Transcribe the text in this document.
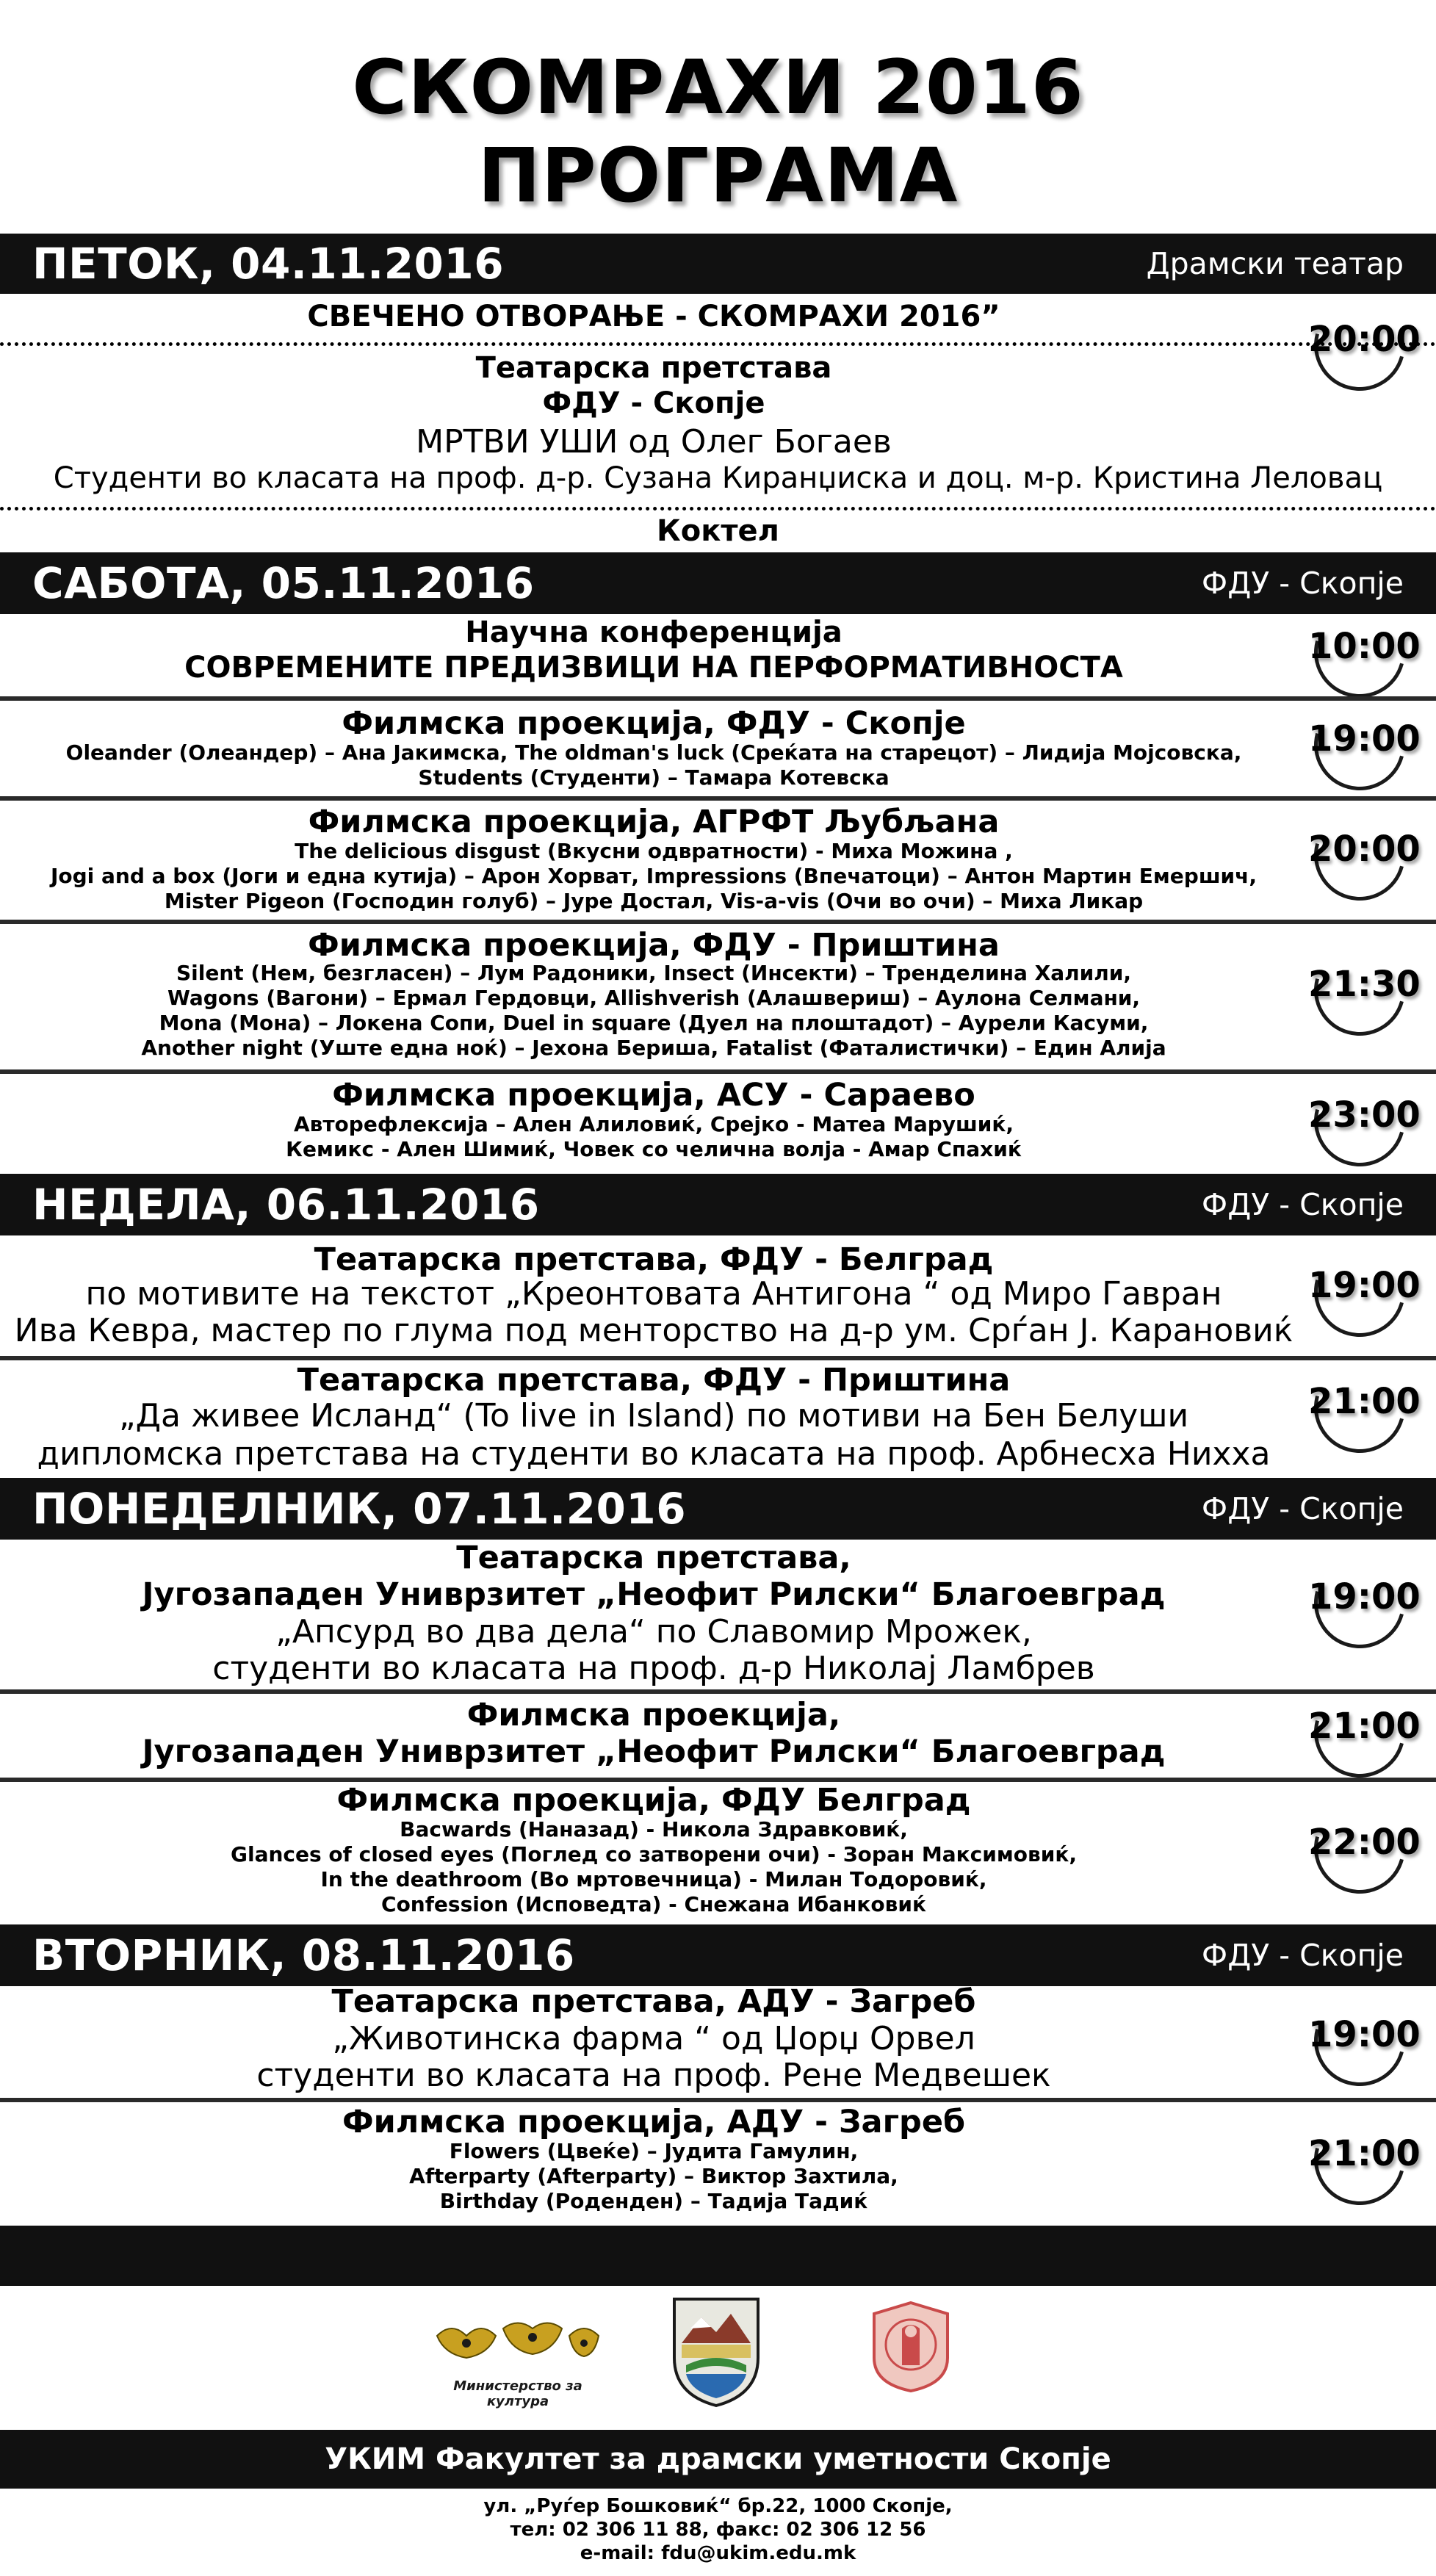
СКОМРАХИ 2016
ПРОГРАМА
ПЕТОК, 04.11.2016	Драмски театар
СВЕЧЕНО ОТВОРАЊЕ - СКОМРАХИ 2016”
20:00
Театарска претстава
ФДУ - Скопје
МРТВИ УШИ од Олег Богаев
Студенти во класата на проф. д-р. Сузана Киранџиска и доц. м-р. Кристина Леловац
Коктел
САБОТА, 05.11.2016	ФДУ - Скопје
Научна конференција
СОВРЕМЕНИТЕ ПРЕДИЗВИЦИ НА ПЕРФОРМАТИВНОСТА
10:00
Филмска проекција, ФДУ - Скопје
Oleander (Олеандер) – Ана Јакимска, The oldman's luck (Среќата на старецот) – Лидија Мојсовска,
Students (Студенти) – Тамара Котевска
19:00
Филмска проекција, АГРФТ Љубљана
The delicious disgust (Вкусни одвратности) - Миха Можина ,
Jogi and a box (Јоги и една кутија) – Арон Хорват, Impressions (Впечатоци) – Антон Мартин Емершич,
Mister Pigeon (Господин голуб) – Јуре Достал, Vis-a-vis (Очи во очи) – Миха Ликар
20:00
Филмска проекција, ФДУ - Приштина
Silent (Нем, безгласен) – Лум Радоники, Insect (Инсекти) – Тренделина Халили,
Wagons (Вагони) – Ермал Гердовци, Allishverish (Алашвериш) – Аулона Селмани,
Mona (Мона) – Локена Сопи, Duel in square (Дуел на плоштадот) – Аурели Касуми,
Another night (Уште една ноќ) – Јехона Бериша, Fatalist (Фаталистички) – Един Алија
21:30
Филмска проекција, АСУ - Сараево
Авторефлексија – Ален Алиловиќ, Срејко - Матеа Марушиќ,
Кемикс - Ален Шимиќ, Човек со челична волја - Амар Спахиќ
23:00
НЕДЕЛА, 06.11.2016	ФДУ - Скопје
Театарска претстава, ФДУ - Белград
по мотивите на текстот „Креонтовата Антигона “ од Миро Гавран
Ива Кевра, мастер по глума под менторство на д-р ум. Срѓан Ј. Карановиќ
19:00
Театарска претстава, ФДУ - Приштина
„Да живее Исланд“ (To live in Island) по мотиви на Бен Белуши
дипломска претстава на студенти во класата на проф. Арбнесха Нихха
21:00
ПОНЕДЕЛНИК, 07.11.2016	ФДУ - Скопје
Театарска претстава,
Југозападен Униврзитет „Неофит Рилски“ Благоевград
„Апсурд во два дела“ по Славомир Мрожек,
студенти во класата на проф. д-р Николај Ламбрев
19:00
Филмска проекција,
Југозападен Униврзитет „Неофит Рилски“ Благоевград
21:00
Филмска проекција, ФДУ Белград
Bacwards (Наназад) - Никола Здравковиќ,
Glances of closed eyes (Поглед со затворени очи) - Зоран Максимовиќ,
In the deathroom (Во мртовечница) - Милан Тодоровиќ,
Confession (Исповедта) - Снежана Ибанковиќ
22:00
ВТОРНИК, 08.11.2016	ФДУ - Скопје
Театарска претстава, АДУ - Загреб
„Животинска фарма “ од Џорџ Орвел
студенти во класата на проф. Рене Медвешек
19:00
Филмска проекција, АДУ - Загреб
Flowers (Цвеќе) – Јудита Гамулин,
Afterparty (Afterparty) – Виктор Захтила,
Birthday (Роденден) – Тадија Тадиќ
21:00
Министерство за култура
УКИМ Факултет за драмски уметности Скопје
ул. „Руѓер Бошковиќ“ бр.22, 1000 Скопје,
тел: 02 306 11 88, факс: 02 306 12 56
e-mail: fdu@ukim.edu.mk
